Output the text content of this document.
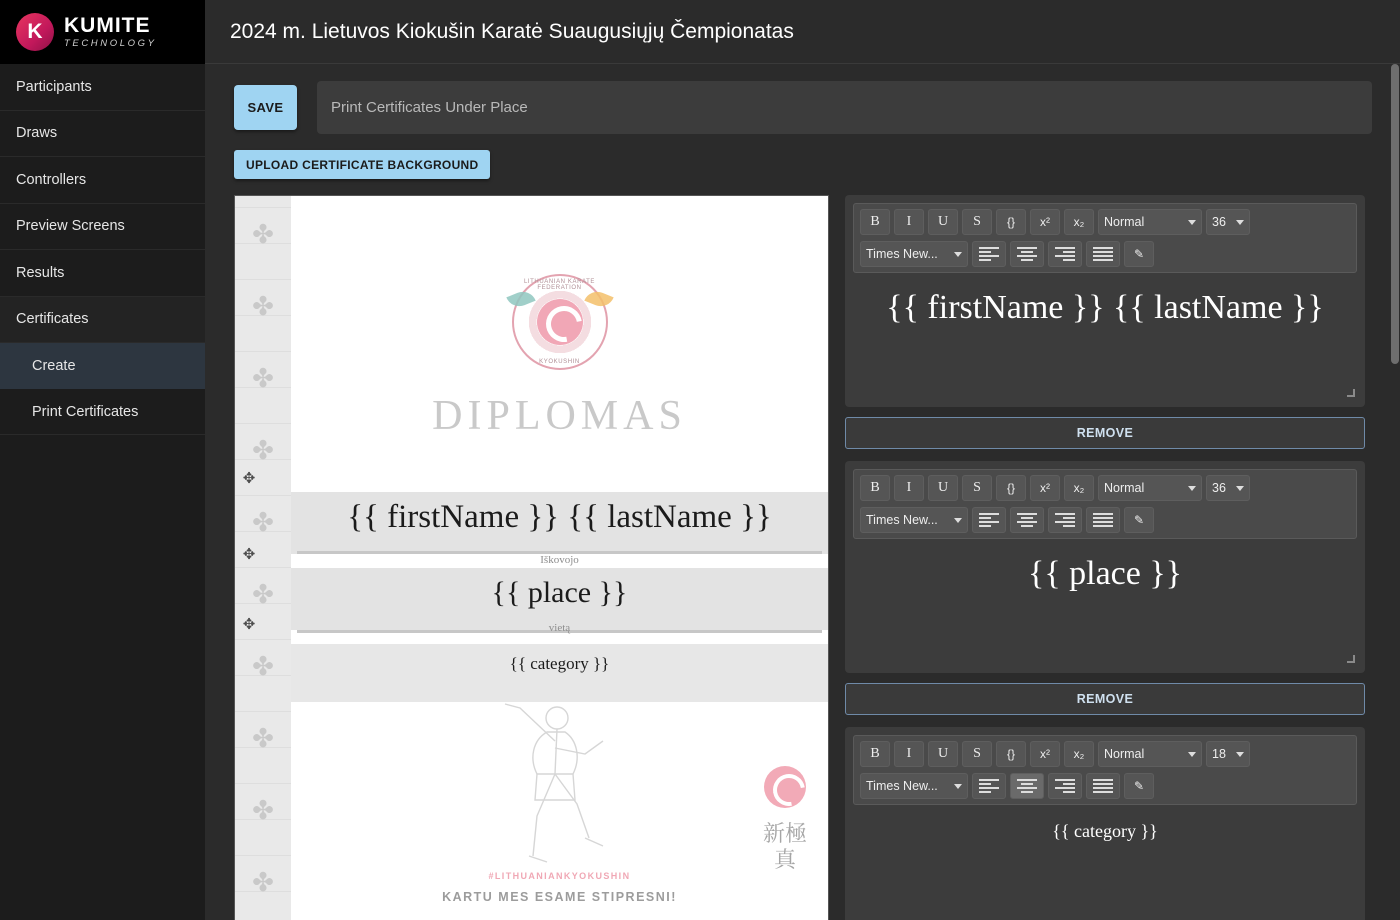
K
KUMITE
TECHNOLOGY
Participants
Draws
Controllers
Preview Screens
Results
Certificates
Create
Print Certificates
2024 m. Lietuvos Kiokušin Karatė Suaugusiųjų Čempionatas
SAVE
Print Certificates Under Place
UPLOAD CERTIFICATE BACKGROUND
✤
✤
✤
✤
✤
✤
✤
✤
✤
✤
LITHUANIAN KARATE FEDERATION
KYOKUSHIN
DIPLOMAS
{{ firstName }} {{ lastName }}
Iškovojo
{{ place }}
vietą
{{ category }}
新極真
#LITHUANIANKYOKUSHIN
KARTU MES ESAME STIPRESNI!
✥
✥
✥
B	I	U	S	{}	x²	x₂	Normal	36
Times New...	✎
{{ firstName }} {{ lastName }}
REMOVE
B	I	U	S	{}	x²	x₂	Normal	36
Times New...	✎
{{ place }}
REMOVE
B	I	U	S	{}	x²	x₂	Normal	18
Times New...	✎
{{ category }}
